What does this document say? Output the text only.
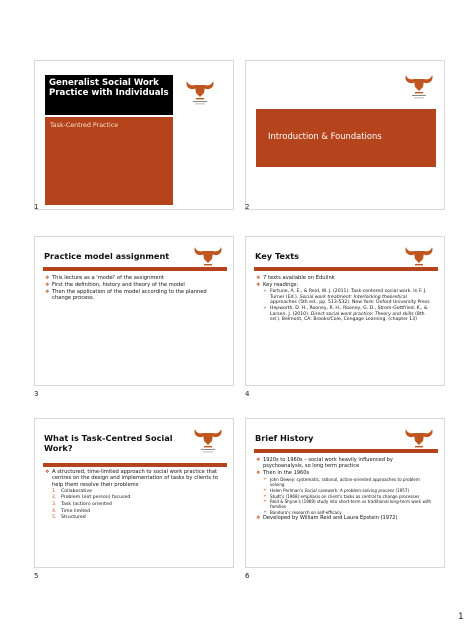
Generalist Social Work Practice with Individuals
Task-Centred Practice
1
Introduction & Foundations
2
Practice model assignment
❖ This lecture as a 'model' of the assignment
❖ First the definition, history and theory of the model
❖ Then the application of the model according to the planned change process.
3
Key Texts
❖ 7 texts available on Edulink
❖ Key readings:
➢ Fortune, A. E., & Reid, W. J. (2011). Task-centered social work. In F. J. Turner (Ed.), Social work treatment: Interlocking theoretical approaches (5th ed., pp. 513-532). New York: Oxford University Press
➢ Hepworth, D. H., Rooney, R. H., Rooney, G. D., Strom-Gottfried, K., & Larsen, J. (2010). Direct social work practice: Theory and skills (8th ed.). Belmont, CA: Brooks/Cole, Cengage Learning. (chapter 13)
4
What is Task-Centred Social Work?
❖ A structured, time-limited approach to social work practice that centres on the design and implementation of tasks by clients to help them resolve their problems
1. Collaborative
2. Problem (not person) focused
3. Task (action) oriented
4. Time limited
5. Structured
5
Brief History
❖ 1920s to 1960s – social work heavily influenced by psychoanalysis, so long term practice
❖ Then in the 1960s
➢ John Dewey: systematic, rational, action-oriented approaches to problem solving
➢ Helen Perlman's Social casework: A problem-solving process (1957)
➢ Studt's (1968) emphasis on client's tasks as central to change processes
➢ Reid & Shyne's (1969) study into short-term vs traditional long-term work with families
➢ Bandura's research on self-efficacy
❖ Developed by William Reid and Laura Epstein (1972)
6
1
